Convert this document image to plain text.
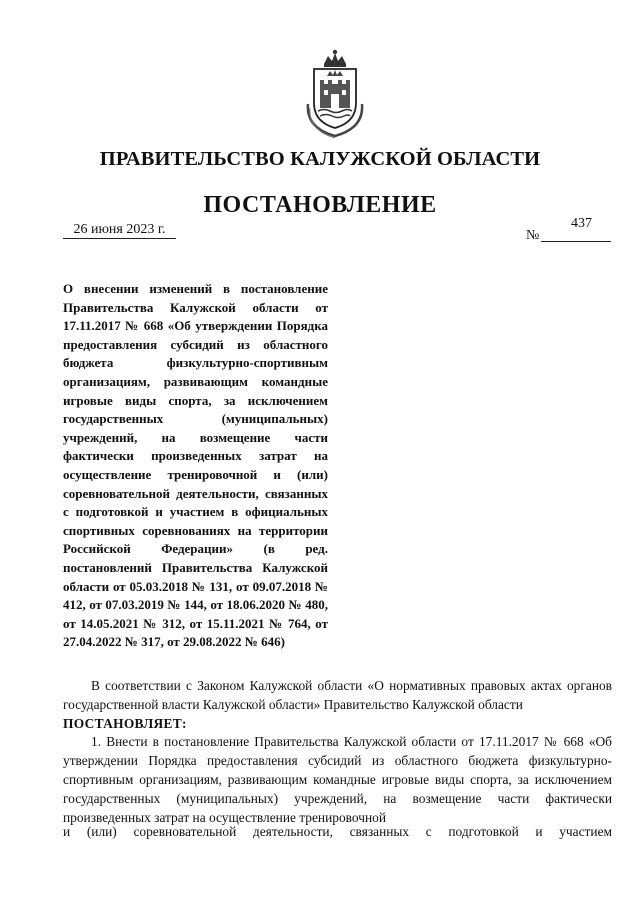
ПРАВИТЕЛЬСТВО КАЛУЖСКОЙ ОБЛАСТИ
ПОСТАНОВЛЕНИЕ
26 июня 2023 г.	№
437
О внесении изменений в постановление Правительства Калужской области от 17.11.2017 № 668 «Об утверждении Порядка предоставления субсидий из областного бюджета физкультурно-спортивным организациям, развивающим командные игровые виды спорта, за исключением государственных (муниципальных) учреждений, на возмещение части фактически произведенных затрат на осуществление тренировочной и (или) соревновательной деятельности, связанных с подготовкой и участием в официальных спортивных соревнованиях на территории Российской Федерации» (в ред. постановлений Правительства Калужской области от 05.03.2018 № 131, от 09.07.2018 № 412, от 07.03.2019 № 144, от 18.06.2020 № 480, от 14.05.2021 № 312, от 15.11.2021 № 764, от 27.04.2022 № 317, от 29.08.2022 № 646)

В соответствии с Законом Калужской области «О нормативных правовых актах органов государственной власти Калужской области» Правительство Калужской области

ПОСТАНОВЛЯЕТ:

1. Внести в постановление Правительства Калужской области от 17.11.2017 № 668 «Об утверждении Порядка предоставления субсидий из областного бюджета физкультурно-спортивным организациям, развивающим командные игровые виды спорта, за исключением государственных (муниципальных) учреждений, на возмещение части фактически произведенных затрат на осуществление тренировочной

и (или) соревновательной деятельности, связанных с подготовкой и участием
